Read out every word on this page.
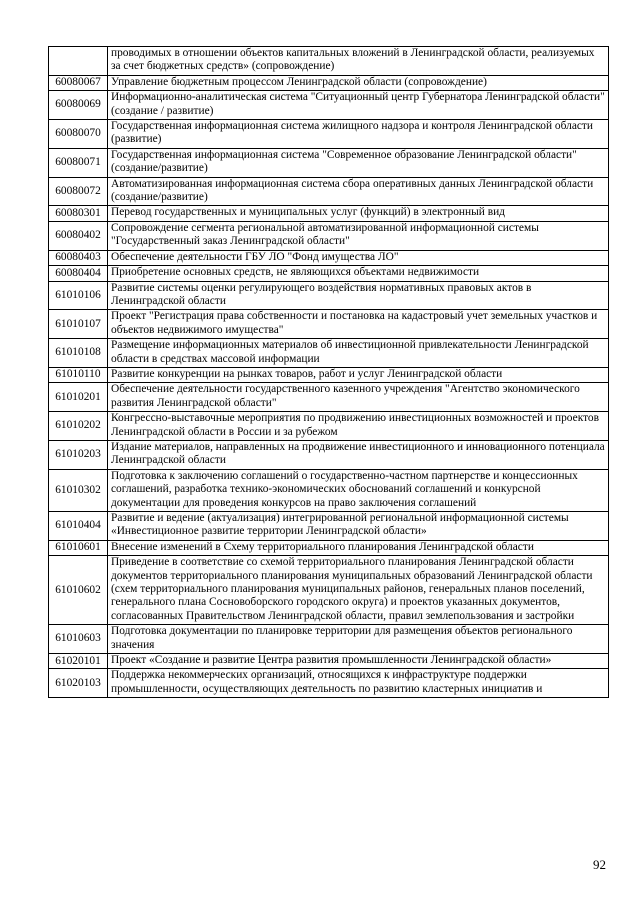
	проводимых в отношении объектов капитальных вложений в Ленинградской области, реализуемых за счет бюджетных средств» (сопровождение)
60080067	Управление бюджетным процессом Ленинградской области (сопровождение)
60080069	Информационно-аналитическая система "Ситуационный центр Губернатора Ленинградской области" (создание / развитие)
60080070	Государственная информационная система жилищного надзора и контроля Ленинградской области (развитие)
60080071	Государственная информационная система "Современное образование Ленинградской области" (создание/развитие)
60080072	Автоматизированная информационная система сбора оперативных данных Ленинградской области (создание/развитие)
60080301	Перевод государственных и муниципальных услуг (функций) в электронный вид
60080402	Сопровождение сегмента региональной автоматизированной информационной системы "Государственный заказ Ленинградской области"
60080403	Обеспечение деятельности ГБУ ЛО "Фонд имущества ЛО"
60080404	Приобретение основных средств, не являющихся объектами недвижимости
61010106	Развитие системы оценки регулирующего воздействия нормативных правовых актов в Ленинградской области
61010107	Проект "Регистрация права собственности и постановка на кадастровый учет земельных участков и объектов недвижимого имущества"
61010108	Размещение информационных материалов об инвестиционной привлекательности Ленинградской области в средствах массовой информации
61010110	Развитие конкуренции на рынках товаров, работ и услуг Ленинградской области
61010201	Обеспечение деятельности государственного казенного учреждения "Агентство экономического развития Ленинградской области"
61010202	Конгрессно-выставочные мероприятия по продвижению инвестиционных возможностей и проектов Ленинградской области в России и за рубежом
61010203	Издание материалов, направленных на продвижение инвестиционного и инновационного потенциала Ленинградской области
61010302	Подготовка к заключению соглашений о государственно-частном партнерстве и концессионных соглашений, разработка технико-экономических обоснований соглашений и конкурсной документации для проведения конкурсов на право заключения соглашений
61010404	Развитие и ведение (актуализация) интегрированной региональной информационной системы «Инвестиционное развитие территории Ленинградской области»
61010601	Внесение изменений в Схему территориального планирования Ленинградской области
61010602	Приведение в соответствие со схемой территориального планирования Ленинградской области документов территориального планирования муниципальных образований Ленинградской области (схем территориального планирования муниципальных районов, генеральных планов поселений, генерального плана Сосновоборского городского округа) и проектов указанных документов, согласованных Правительством Ленинградской области, правил землепользования и застройки
61010603	Подготовка документации по планировке территории для размещения объектов регионального значения
61020101	Проект «Создание и развитие Центра развития промышленности Ленинградской области»
61020103	Поддержка некоммерческих организаций, относящихся к инфраструктуре поддержки промышленности, осуществляющих деятельность по развитию кластерных инициатив и
92
